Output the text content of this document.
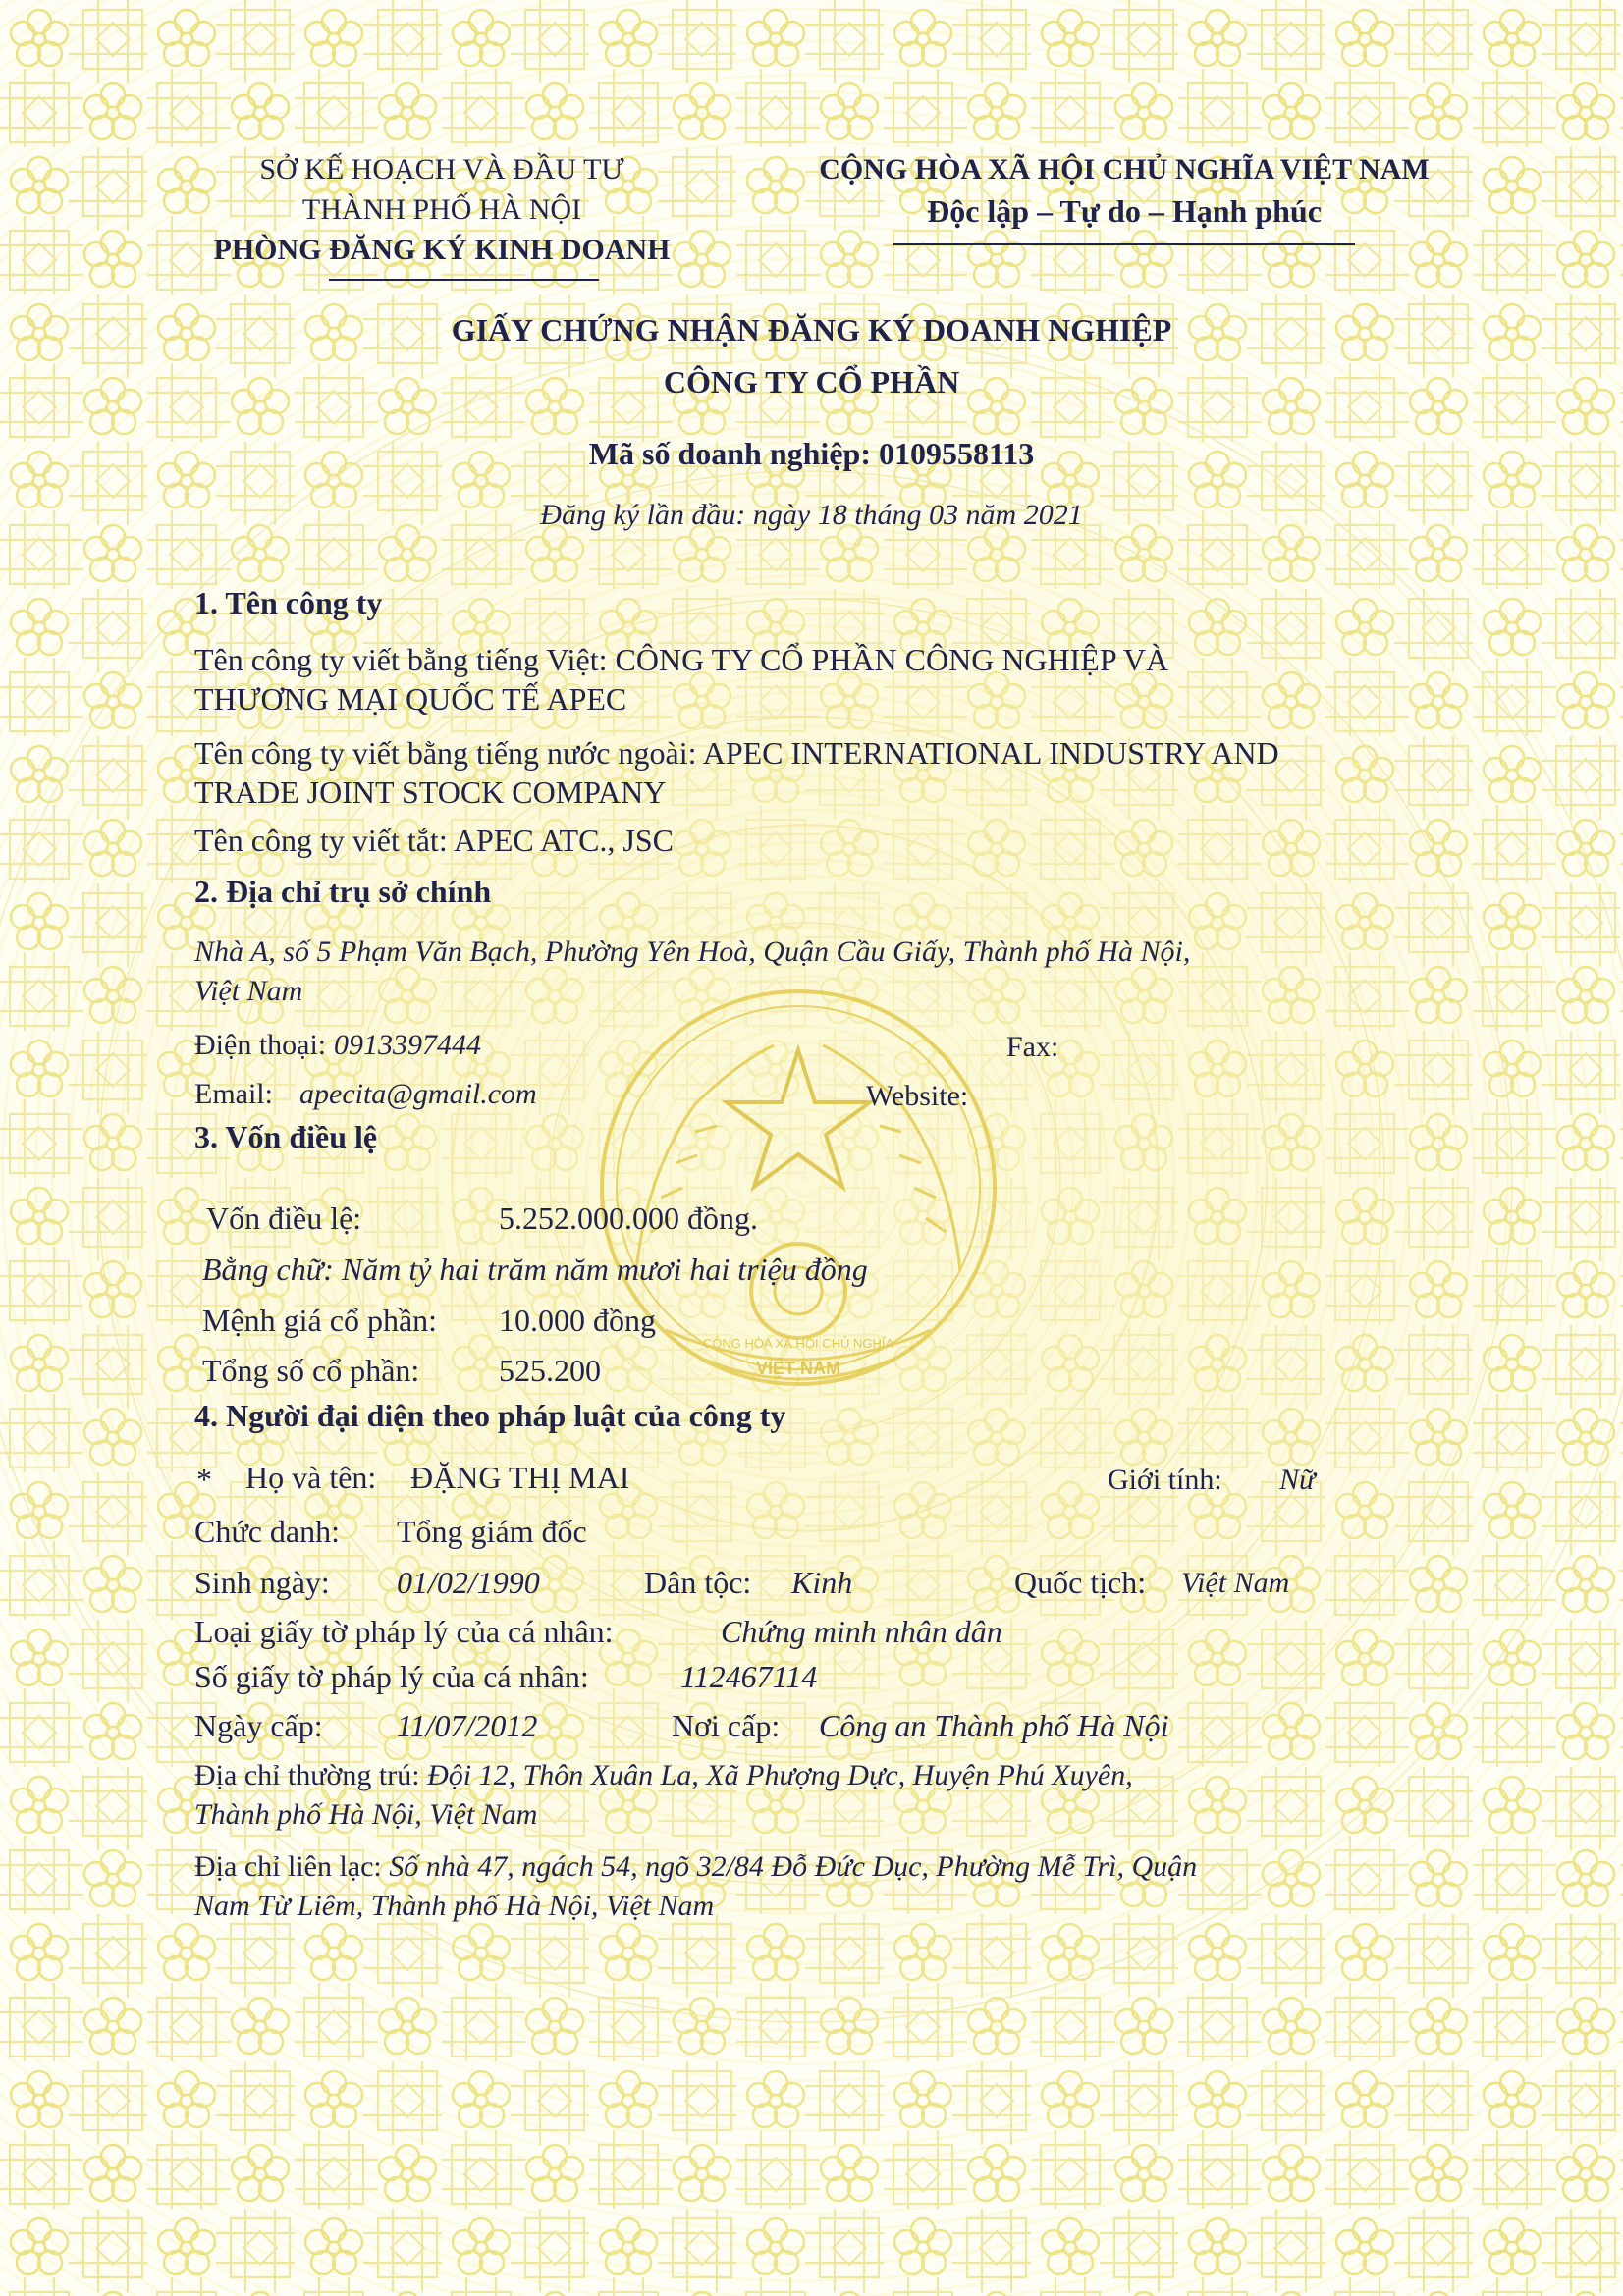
CỘNG HÒA XÃ HỘI CHỦ NGHĨA
VIỆT NAM
SỞ KẾ HOẠCH VÀ ĐẦU TƯ
THÀNH PHỐ HÀ NỘI
PHÒNG ĐĂNG KÝ KINH DOANH
CỘNG HÒA XÃ HỘI CHỦ NGHĨA VIỆT NAM
Độc lập – Tự do – Hạnh phúc
GIẤY CHỨNG NHẬN ĐĂNG KÝ DOANH NGHIỆP
CÔNG TY CỔ PHẦN
Mã số doanh nghiệp: 0109558113
Đăng ký lần đầu: ngày 18 tháng 03 năm 2021
1. Tên công ty
Tên công ty viết bằng tiếng Việt: CÔNG TY CỔ PHẦN CÔNG NGHIỆP VÀ
THƯƠNG MẠI QUỐC TẾ APEC
Tên công ty viết bằng tiếng nước ngoài: APEC INTERNATIONAL INDUSTRY AND
TRADE JOINT STOCK COMPANY
Tên công ty viết tắt: APEC ATC., JSC
2. Địa chỉ trụ sở chính
Nhà A, số 5 Phạm Văn Bạch, Phường Yên Hoà, Quận Cầu Giấy, Thành phố Hà Nội,
Việt Nam
Điện thoại: 0913397444	Fax:
Email: apecita@gmail.com	Website:
3. Vốn điều lệ
Vốn điều lệ:	5.252.000.000 đồng.
Bằng chữ: Năm tỷ hai trăm năm mươi hai triệu đồng
Mệnh giá cổ phần: 10.000 đồng
Tổng số cổ phần:	525.200
4. Người đại diện theo pháp luật của công ty
* Họ và tên: ĐẶNG THỊ MAI	Giới tính: Nữ
Chức danh: Tổng giám đốc
Sinh ngày: 01/02/1990	Dân tộc: Kinh	Quốc tịch: Việt Nam
Loại giấy tờ pháp lý của cá nhân:	Chứng minh nhân dân
Số giấy tờ pháp lý của cá nhân:	112467114
Ngày cấp: 11/07/2012	Nơi cấp: Công an Thành phố Hà Nội
Địa chỉ thường trú: Đội 12, Thôn Xuân La, Xã Phượng Dực, Huyện Phú Xuyên,
Thành phố Hà Nội, Việt Nam
Địa chỉ liên lạc: Số nhà 47, ngách 54, ngõ 32/84 Đỗ Đức Dục, Phường Mễ Trì, Quận
Nam Từ Liêm, Thành phố Hà Nội, Việt Nam
